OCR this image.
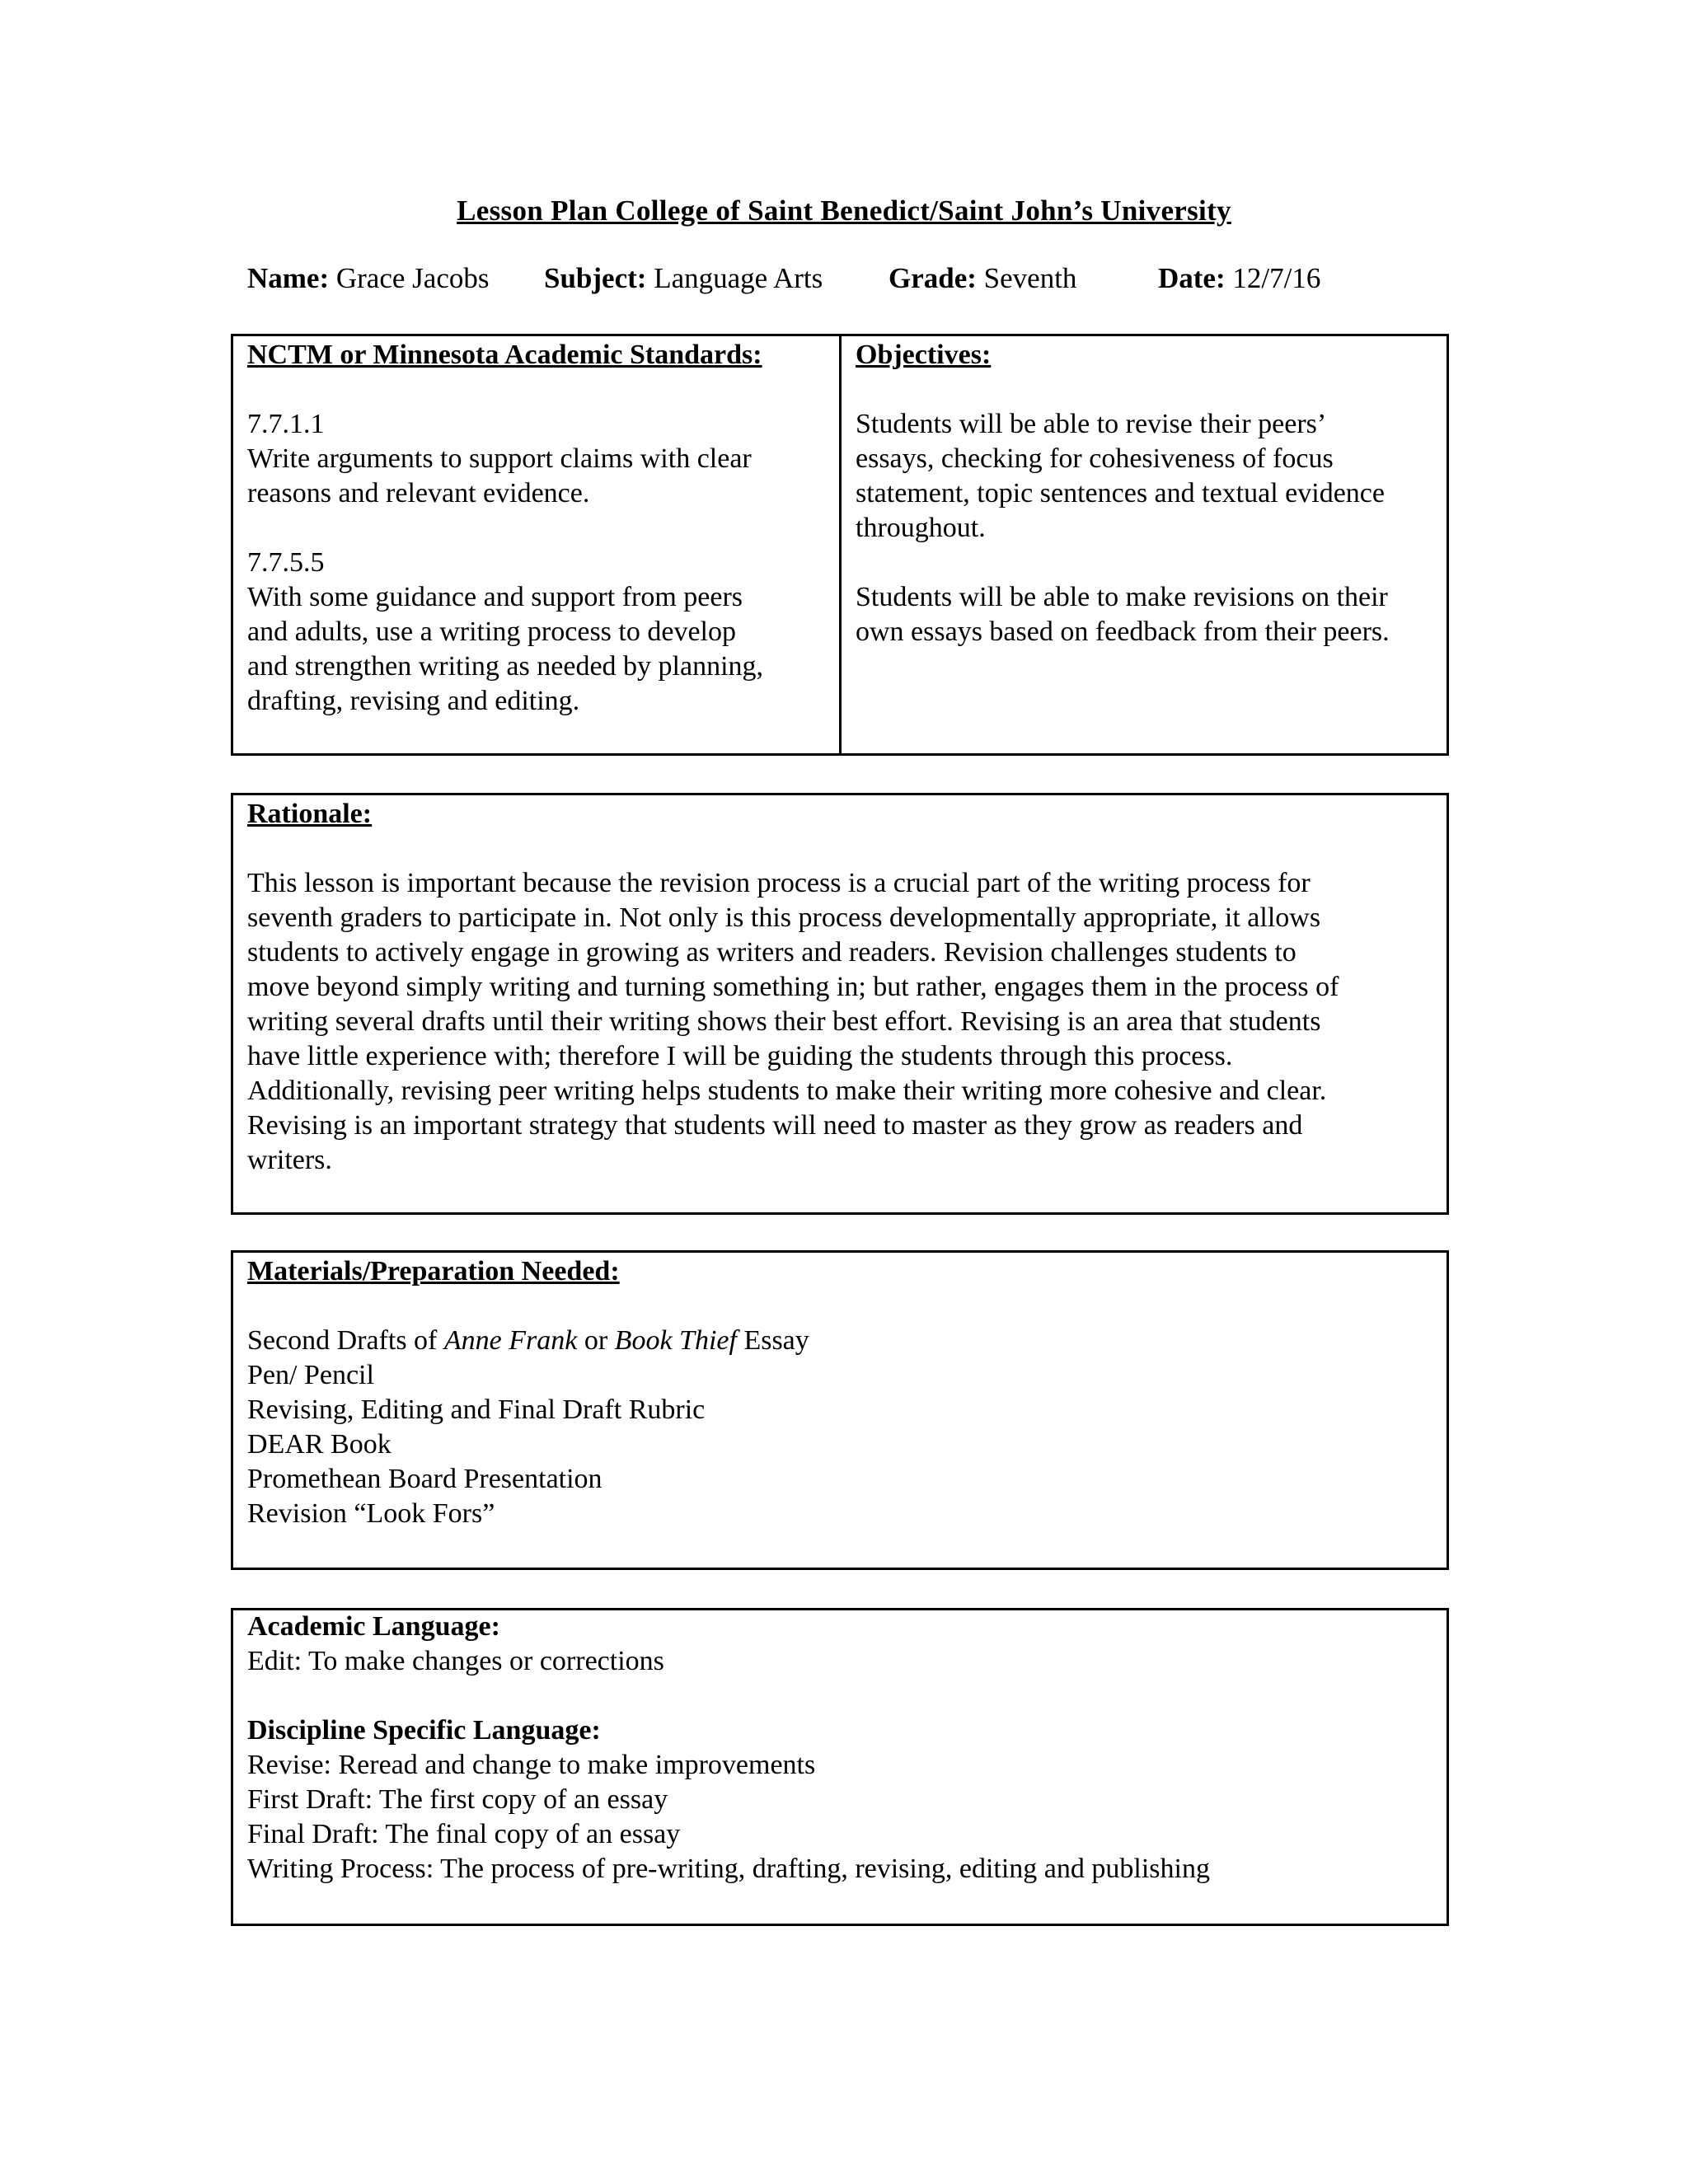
Lesson Plan College of Saint Benedict/Saint John’s University
Name: Grace Jacobs Subject: Language Arts Grade: Seventh	Date: 12/7/16
NCTM or Minnesota Academic Standards:
7.7.1.1
Write arguments to support claims with clear
reasons and relevant evidence.
7.7.5.5
With some guidance and support from peers
and adults, use a writing process to develop
and strengthen writing as needed by planning,
drafting, revising and editing.
Objectives:
Students will be able to revise their peers’
essays, checking for cohesiveness of focus
statement, topic sentences and textual evidence
throughout.
Students will be able to make revisions on their
own essays based on feedback from their peers.
Rationale:
This lesson is important because the revision process is a crucial part of the writing process for
seventh graders to participate in. Not only is this process developmentally appropriate, it allows
students to actively engage in growing as writers and readers. Revision challenges students to
move beyond simply writing and turning something in; but rather, engages them in the process of
writing several drafts until their writing shows their best effort. Revising is an area that students
have little experience with; therefore I will be guiding the students through this process.
Additionally, revising peer writing helps students to make their writing more cohesive and clear.
Revising is an important strategy that students will need to master as they grow as readers and
writers.
Materials/Preparation Needed:
Second Drafts of Anne Frank or Book Thief Essay
Pen/ Pencil
Revising, Editing and Final Draft Rubric
DEAR Book
Promethean Board Presentation
Revision “Look Fors”
Academic Language:
Edit: To make changes or corrections
Discipline Specific Language:
Revise: Reread and change to make improvements
First Draft: The first copy of an essay
Final Draft: The final copy of an essay
Writing Process: The process of pre-writing, drafting, revising, editing and publishing
